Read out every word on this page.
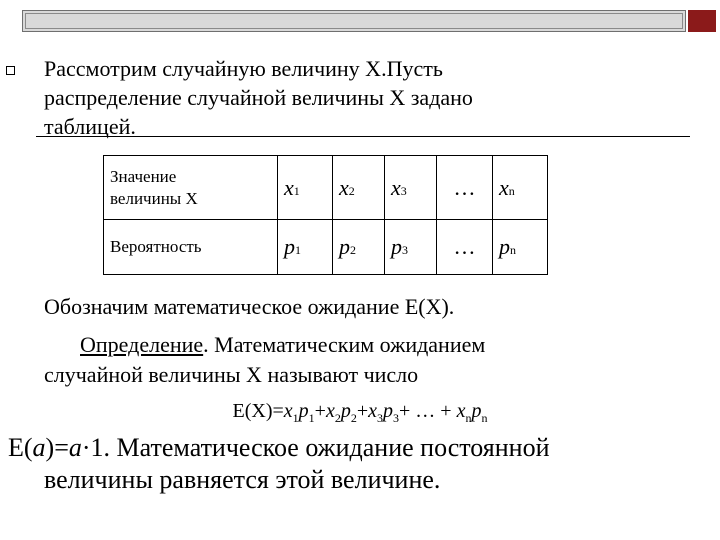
Рассмотрим случайную величину X.Пусть
распределение случайной величины X задано
таблицей.
Значение
величины X	x1	x2	x3	…	xn
Вероятность	p1	p2	p3	…	pn
Обозначим математическое ожидание E(X).
Определение. Математическим ожиданием
случайной величины X называют число
$E(X)=x_1p_1+x_2p_2+x_3p_3+$ … + $x_np_n$
E(a)=a·1. Математическое ожидание постоянной
величины равняется этой величине.
